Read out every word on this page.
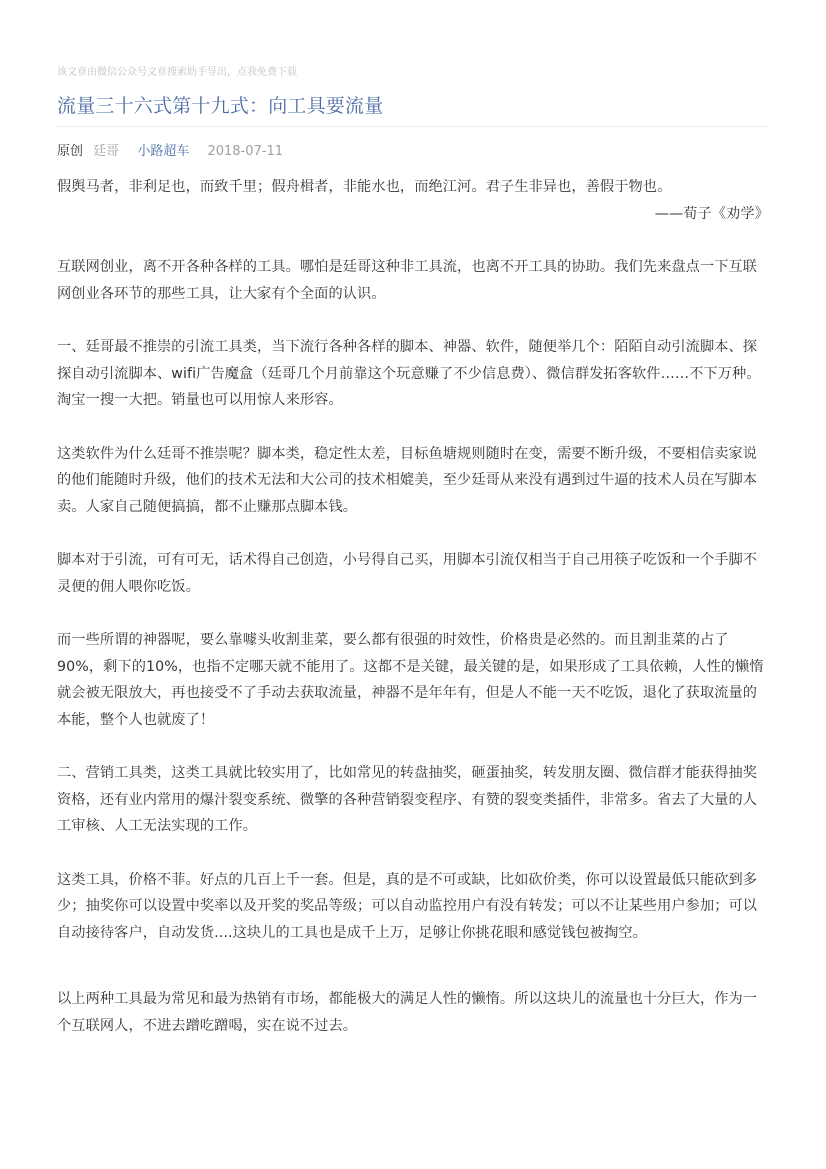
该文章由微信公众号文章搜索助手导出，点我免费下载
流量三十六式第十九式：向工具要流量
原创 廷哥 小路超车 2018-07-11

假舆马者，非利足也，而致千里；假舟楫者，非能水也，而绝江河。君子生非异也，善假于物也。

——荀子《劝学》

互联网创业，离不开各种各样的工具。哪怕是廷哥这种非工具流，也离不开工具的协助。我们先来盘点一下互联网创业各环节的那些工具，让大家有个全面的认识。

一、廷哥最不推崇的引流工具类，当下流行各种各样的脚本、神器、软件，随便举几个：陌陌自动引流脚本、探探自动引流脚本、wifi广告魔盒（廷哥几个月前靠这个玩意赚了不少信息费）、微信群发拓客软件……不下万种。淘宝一搜一大把。销量也可以用惊人来形容。

这类软件为什么廷哥不推崇呢？脚本类，稳定性太差，目标鱼塘规则随时在变，需要不断升级，不要相信卖家说的他们能随时升级，他们的技术无法和大公司的技术相媲美，至少廷哥从来没有遇到过牛逼的技术人员在写脚本卖。人家自己随便搞搞，都不止赚那点脚本钱。

脚本对于引流，可有可无，话术得自己创造，小号得自己买，用脚本引流仅相当于自己用筷子吃饭和一个手脚不灵便的佣人喂你吃饭。

而一些所谓的神器呢，要么靠噱头收割韭菜，要么都有很强的时效性，价格贵是必然的。而且割韭菜的占了90%，剩下的10%，也指不定哪天就不能用了。这都不是关键，最关键的是，如果形成了工具依赖，人性的懒惰就会被无限放大，再也接受不了手动去获取流量，神器不是年年有，但是人不能一天不吃饭，退化了获取流量的本能，整个人也就废了！

二、营销工具类，这类工具就比较实用了，比如常见的转盘抽奖，砸蛋抽奖，转发朋友圈、微信群才能获得抽奖资格，还有业内常用的爆汁裂变系统、微擎的各种营销裂变程序、有赞的裂变类插件，非常多。省去了大量的人工审核、人工无法实现的工作。

这类工具，价格不菲。好点的几百上千一套。但是，真的是不可或缺，比如砍价类，你可以设置最低只能砍到多少；抽奖你可以设置中奖率以及开奖的奖品等级；可以自动监控用户有没有转发；可以不让某些用户参加；可以自动接待客户，自动发货....这块儿的工具也是成千上万，足够让你挑花眼和感觉钱包被掏空。

以上两种工具最为常见和最为热销有市场，都能极大的满足人性的懒惰。所以这块儿的流量也十分巨大，作为一个互联网人，不进去蹭吃蹭喝，实在说不过去。
